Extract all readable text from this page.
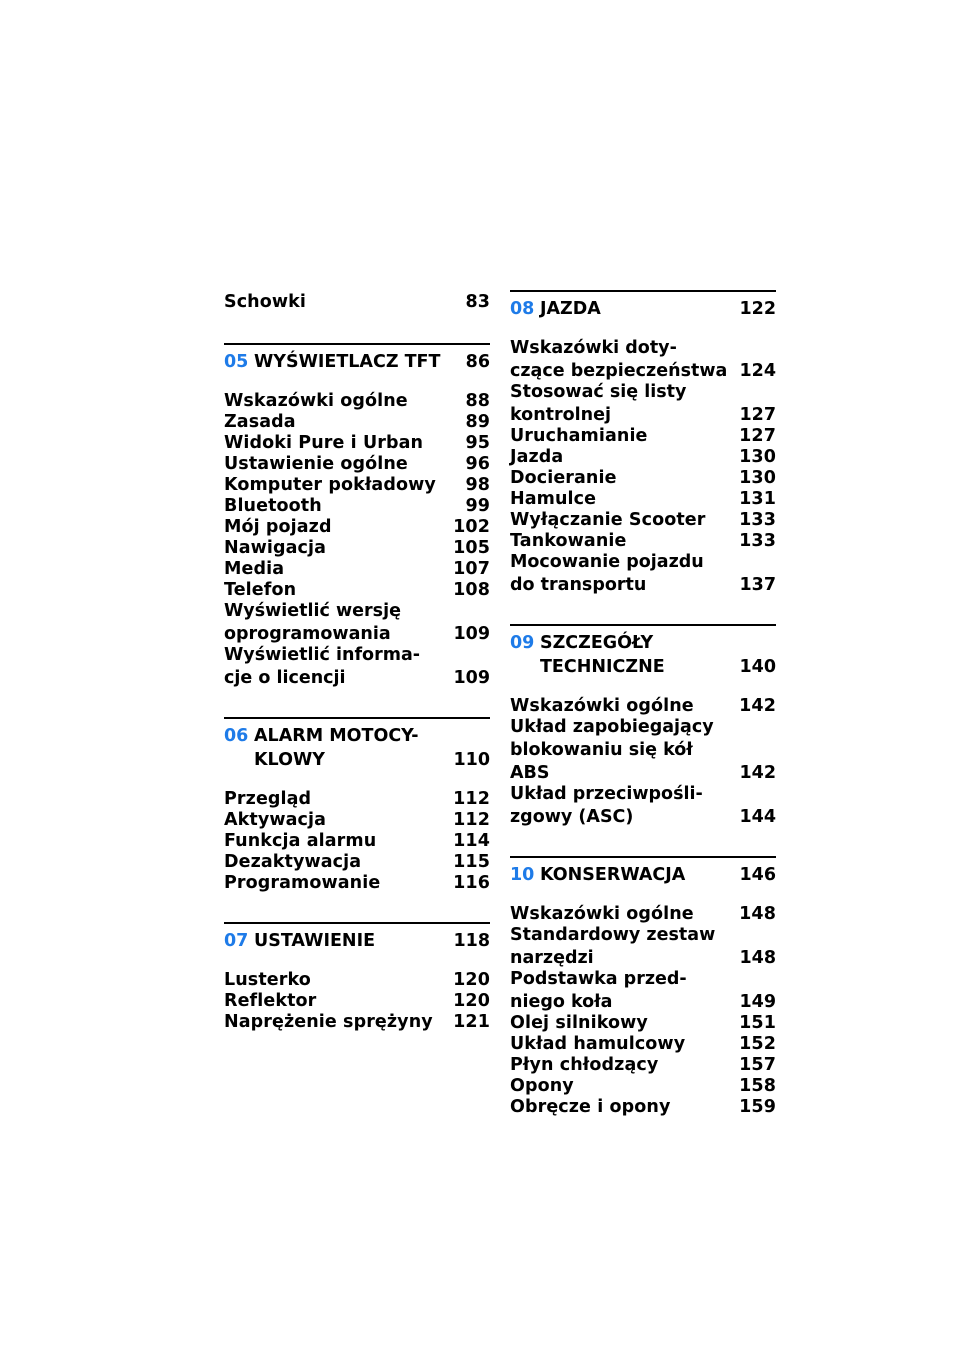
Schowki	83
05 WYŚWIETLACZ TFT	86
Wskazówki ogólne	88
Zasada	89
Widoki Pure i Urban	95
Ustawienie ogólne	96
Komputer pokładowy	98
Bluetooth	99
Mój pojazd	102
Nawigacja	105
Media	107
Telefon	108
Wyświetlić wersję
oprogramowania	109
Wyświetlić informa-
cje o licencji	109
06 ALARM MOTOCY-
KLOWY	110
Przegląd	112
Aktywacja	112
Funkcja alarmu	114
Dezaktywacja	115
Programowanie	116
07 USTAWIENIE	118
Lusterko	120
Reflektor	120
Naprężenie sprężyny	121
08 JAZDA	122
Wskazówki doty-
czące bezpieczeństwa 124
Stosować się listy
kontrolnej	127
Uruchamianie	127
Jazda	130
Docieranie	130
Hamulce	131
Wyłączanie Scooter	133
Tankowanie	133
Mocowanie pojazdu
do transportu	137
09 SZCZEGÓŁY
TECHNICZNE	140
Wskazówki ogólne	142
Układ zapobiegający
blokowaniu się kół
ABS	142
Układ przeciwpośli-
zgowy (ASC)	144
10 KONSERWACJA	146
Wskazówki ogólne	148
Standardowy zestaw
narzędzi	148
Podstawka przed-
niego koła	149
Olej silnikowy	151
Układ hamulcowy	152
Płyn chłodzący	157
Opony	158
Obręcze i opony	159
